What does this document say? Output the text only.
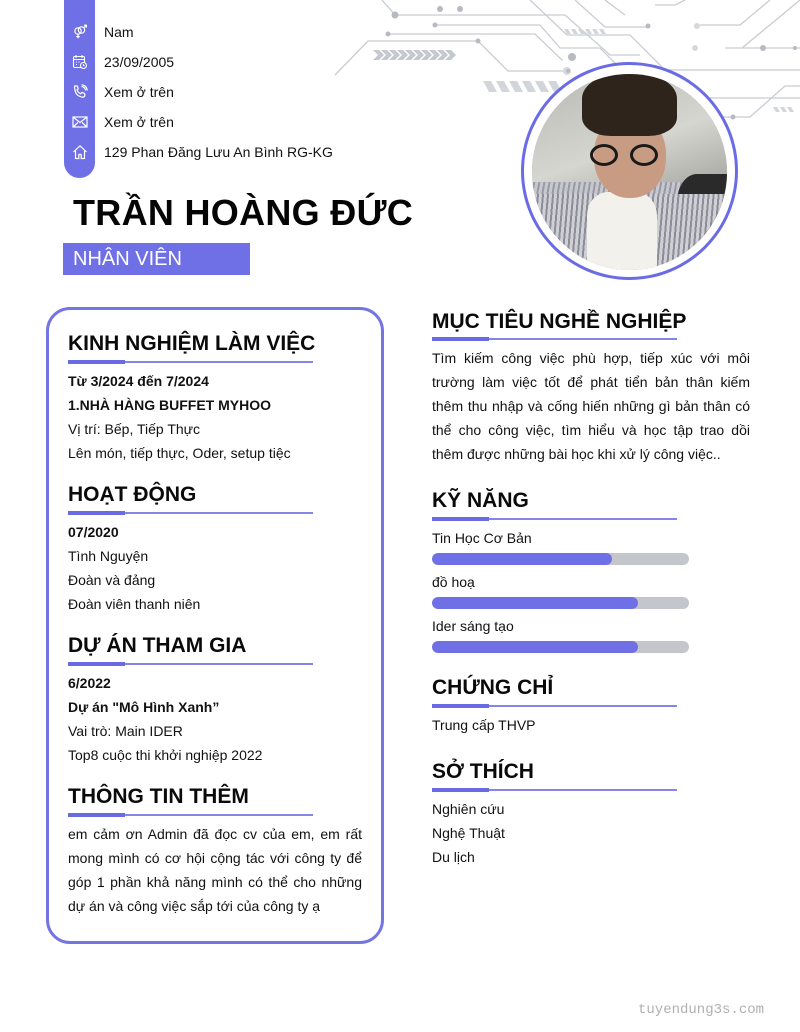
Nam
23/09/2005
Xem ở trên
Xem ở trên
129 Phan Đăng Lưu An Bình RG-KG
TRẦN HOÀNG ĐỨC
NHÂN VIÊN
KINH NGHIỆM LÀM VIỆC
Từ 3/2024 đến 7/2024
1.NHÀ HÀNG BUFFET MYHOO
Vị trí: Bếp, Tiếp Thực
Lên món, tiếp thực, Oder, setup tiệc
HOẠT ĐỘNG
07/2020
Tình Nguyện
Đoàn và đảng
Đoàn viên thanh niên
DỰ ÁN THAM GIA
6/2022
Dự án "Mô Hình Xanh”
Vai trò: Main IDER
Top8 cuộc thi khởi nghiệp 2022
THÔNG TIN THÊM
em cảm ơn Admin đã đọc cv của em, em rất mong mình có cơ hội cộng tác với công ty để góp 1 phần khả năng mình có thể cho những dự án và công việc sắp tới của công ty ạ
MỤC TIÊU NGHỀ NGHIỆP
Tìm kiếm công việc phù hợp, tiếp xúc với môi trường làm việc tốt để phát tiển bản thân kiếm thêm thu nhập và cống hiến những gì bản thân có thể cho công việc, tìm hiểu và học tập trao dồi thêm được những bài học khi xử lý công việc..
KỸ NĂNG
Tin Học Cơ Bản
đồ hoạ
Ider sáng tạo
CHỨNG CHỈ
Trung cấp THVP
SỞ THÍCH
Nghiên cứu
Nghệ Thuật
Du lịch
tuyendung3s.com
